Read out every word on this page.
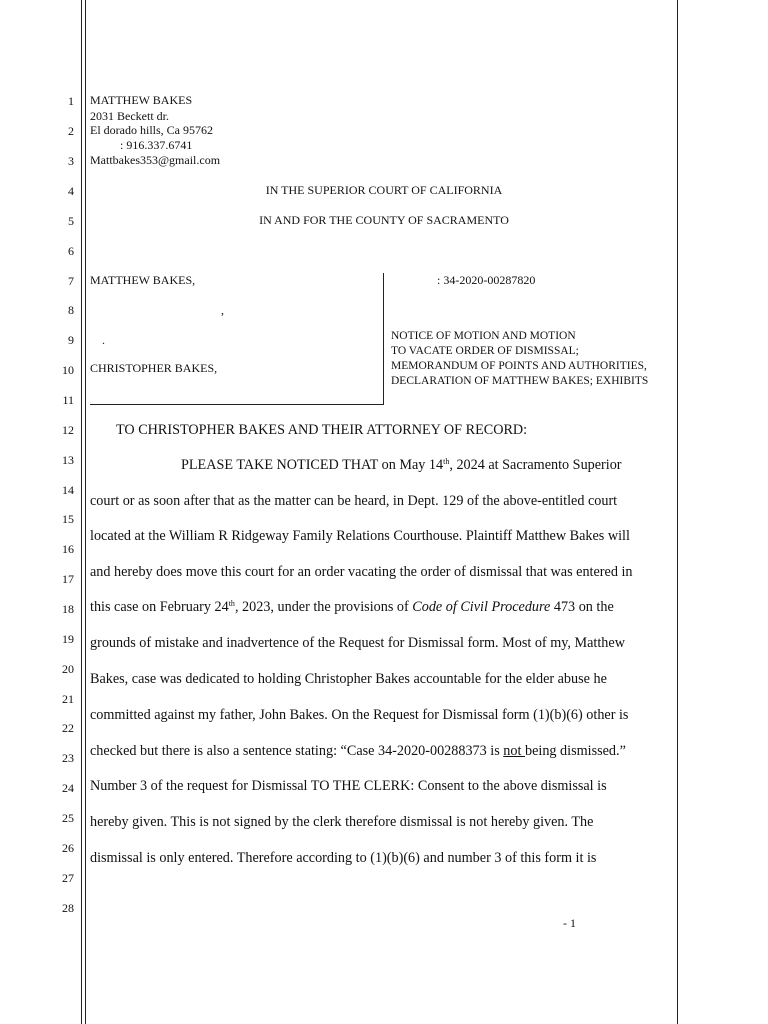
1
2
3
4
5
6
7
8
9
10
11
12
13
14
15
16
17
18
19
20
21
22
23
24
25
26
27
28
MATTHEW BAKES
2031 Beckett dr.
El dorado hills, Ca 95762
: 916.337.6741
Mattbakes353@gmail.com
IN THE SUPERIOR COURT OF CALIFORNIA
IN AND FOR THE COUNTY OF SACRAMENTO
MATTHEW BAKES,
,
.
CHRISTOPHER BAKES,
: 34-2020-00287820
NOTICE OF MOTION AND MOTION
TO VACATE ORDER OF DISMISSAL;
MEMORANDUM OF POINTS AND AUTHORITIES,
DECLARATION OF MATTHEW BAKES; EXHIBITS
TO CHRISTOPHER BAKES AND THEIR ATTORNEY OF RECORD:
PLEASE TAKE NOTICED THAT on May 14th, 2024 at Sacramento Superior
court or as soon after that as the matter can be heard, in Dept. 129 of the above-entitled court
located at the William R Ridgeway Family Relations Courthouse. Plaintiff Matthew Bakes will
and hereby does move this court for an order vacating the order of dismissal that was entered in
this case on February 24th, 2023, under the provisions of Code of Civil Procedure 473 on the
grounds of mistake and inadvertence of the Request for Dismissal form. Most of my, Matthew
Bakes, case was dedicated to holding Christopher Bakes accountable for the elder abuse he
committed against my father, John Bakes. On the Request for Dismissal form (1)(b)(6) other is
checked but there is also a sentence stating: “Case 34-2020-00288373 is not being dismissed.”
Number 3 of the request for Dismissal TO THE CLERK: Consent to the above dismissal is
hereby given. This is not signed by the clerk therefore dismissal is not hereby given. The
dismissal is only entered. Therefore according to (1)(b)(6) and number 3 of this form it is
- 1
